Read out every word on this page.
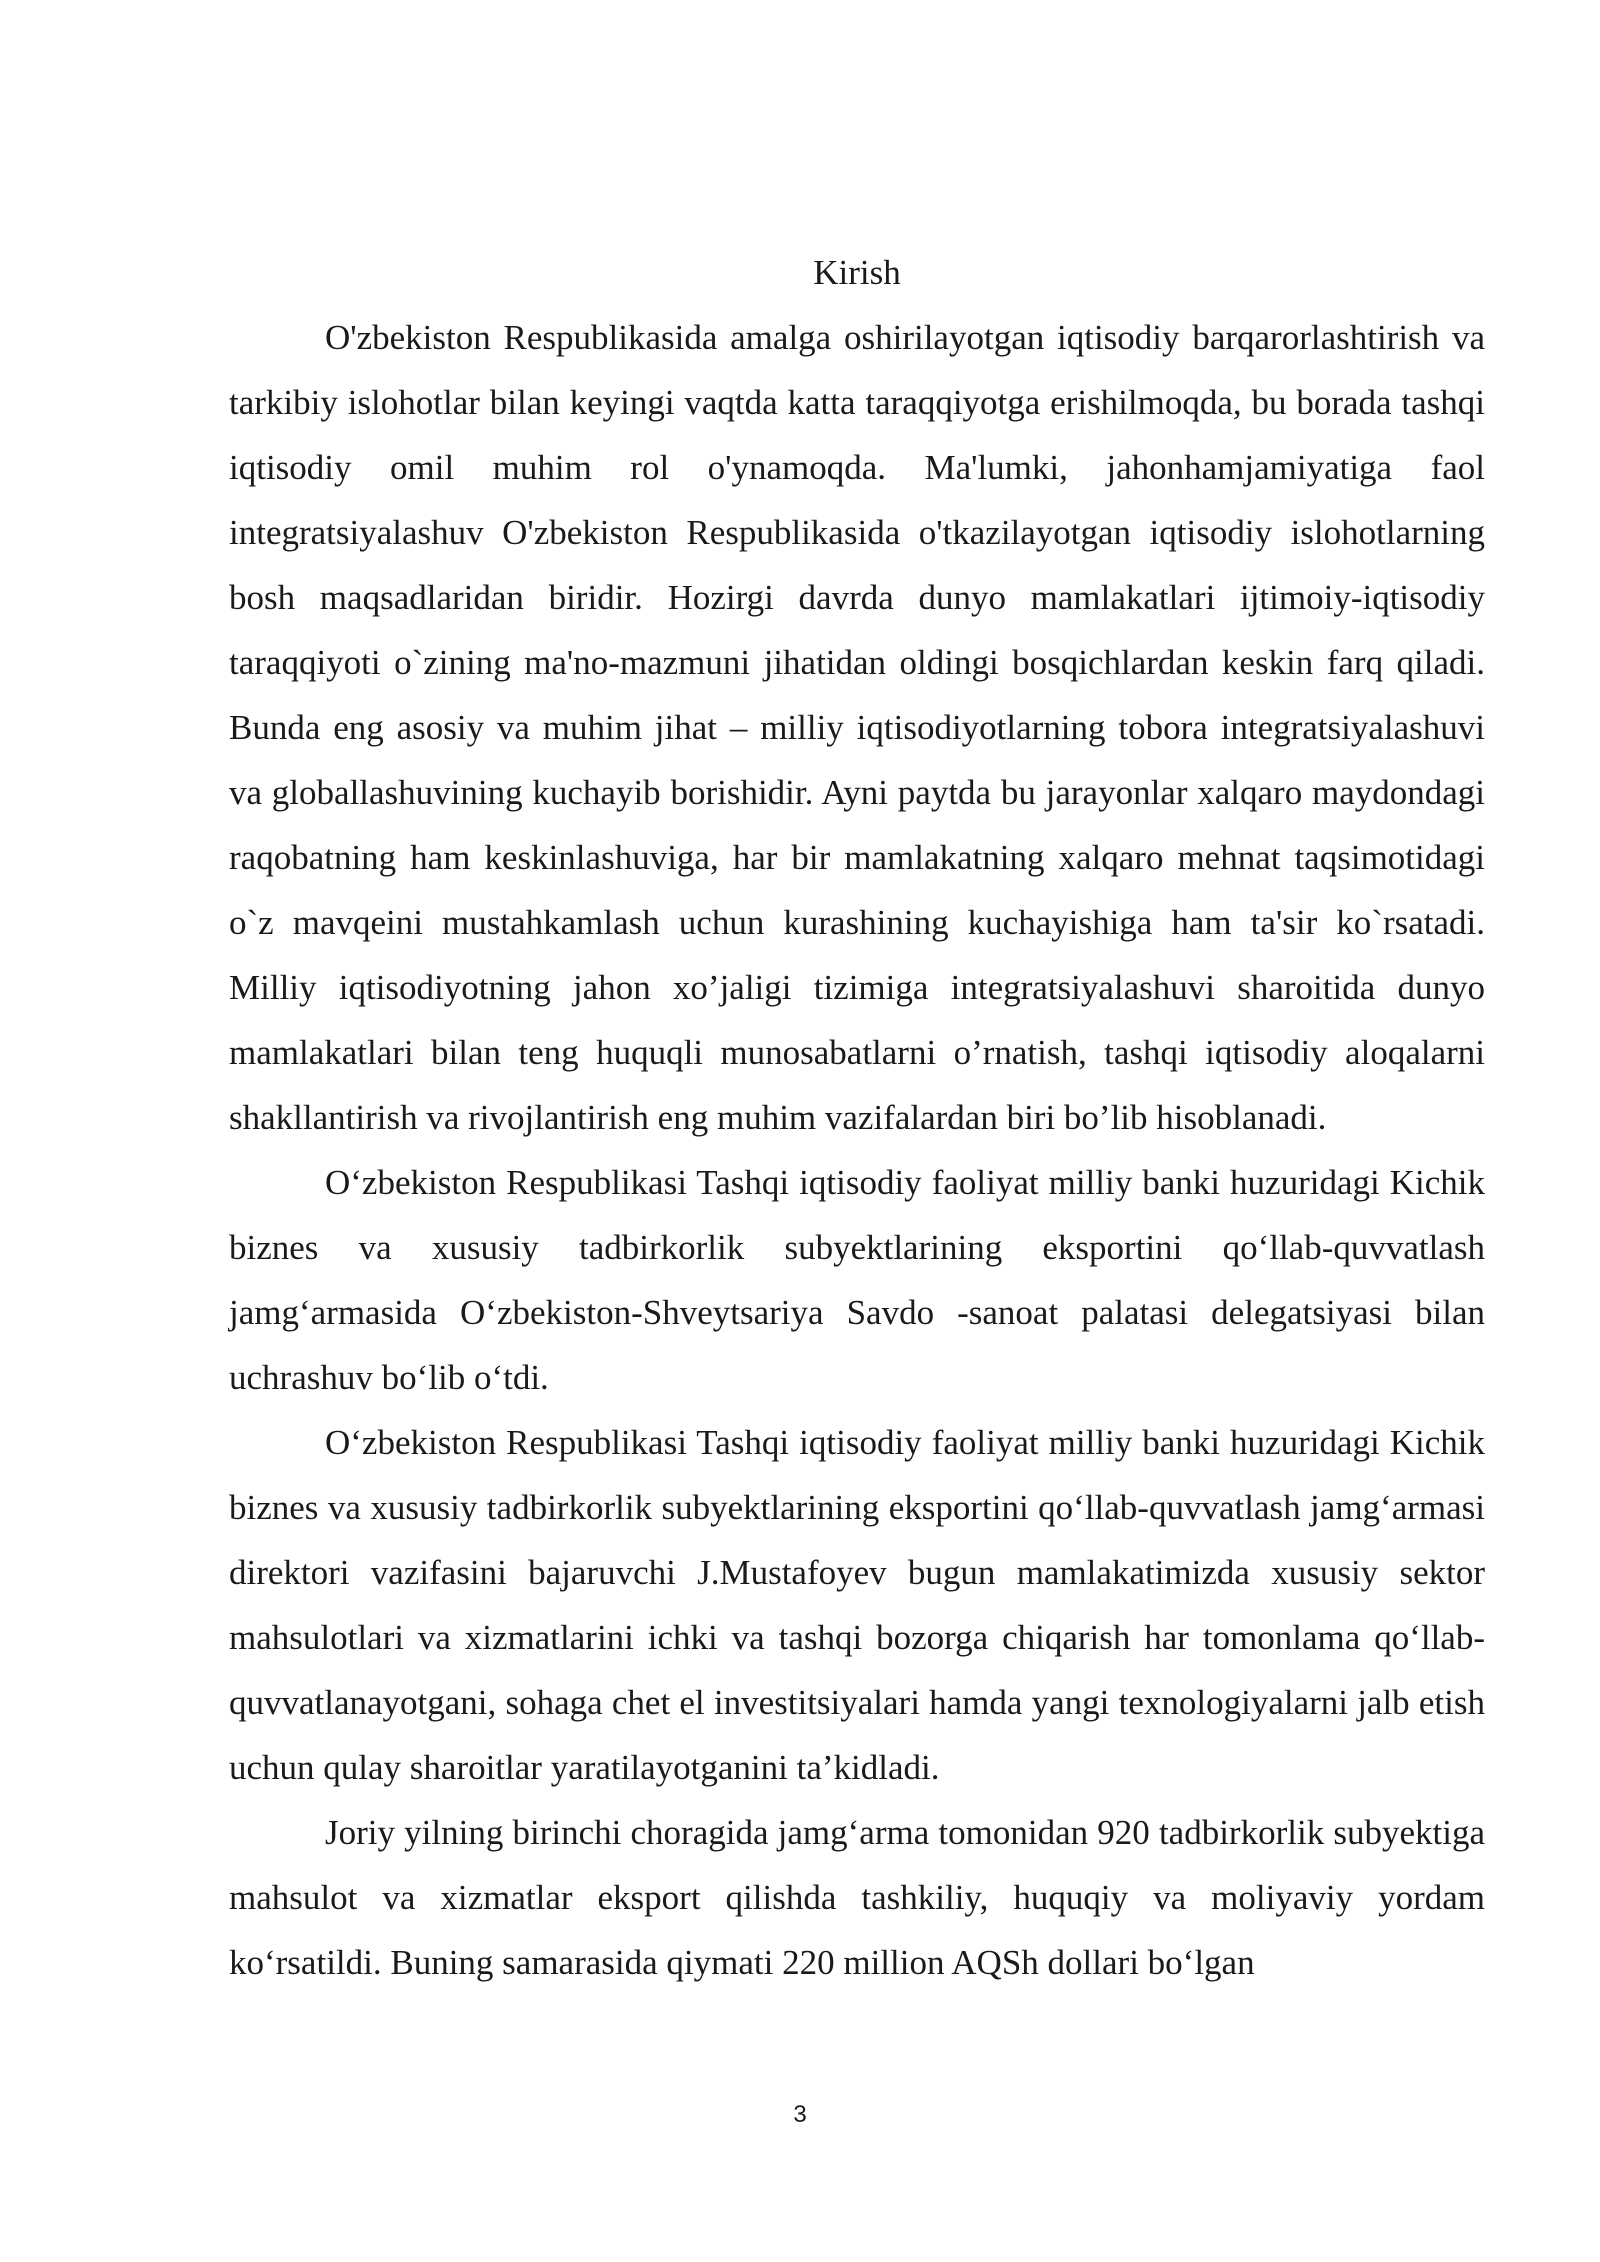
Kirish

O'zbekiston Respublikasida amalga oshirilayotgan iqtisodiy barqarorlashtirish va tarkibiy islohotlar bilan keyingi vaqtda katta taraqqiyotga erishilmoqda, bu borada tashqi iqtisodiy omil muhim rol o'ynamoqda. Ma'lumki, jahonhamjamiyatiga faol integratsiyalashuv O'zbekiston Respublikasida o'tkazilayotgan iqtisodiy islohotlarning bosh maqsadlaridan biridir. Hozirgi davrda dunyo mamlakatlari ijtimoiy-iqtisodiy taraqqiyoti o`zining ma'no-mazmuni jihatidan oldingi bosqichlardan keskin farq qiladi. Bunda eng asosiy va muhim jihat – milliy iqtisodiyotlarning tobora integratsiyalashuvi va globallashuvining kuchayib borishidir. Ayni paytda bu jarayonlar xalqaro maydondagi raqobatning ham keskinlashuviga, har bir mamlakatning xalqaro mehnat taqsimotidagi o`z mavqeini mustahkamlash uchun kurashining kuchayishiga ham ta'sir ko`rsatadi. Milliy iqtisodiyotning jahon xo’jaligi tizimiga integratsiyalashuvi sharoitida dunyo mamlakatlari bilan teng huquqli munosabatlarni o’rnatish, tashqi iqtisodiy aloqalarni shakllantirish va rivojlantirish eng muhim vazifalardan biri bo’lib hisoblanadi.

O‘zbekiston Respublikasi Tashqi iqtisodiy faoliyat milliy banki huzuridagi Kichik biznes va xususiy tadbirkorlik subyektlarining eksportini qo‘llab-quvvatlash jamg‘armasida O‘zbekiston-Shveytsariya Savdo -sanoat palatasi delegatsiyasi bilan uchrashuv bo‘lib o‘tdi.

O‘zbekiston Respublikasi Tashqi iqtisodiy faoliyat milliy banki huzuridagi Kichik biznes va xususiy tadbirkorlik subyektlarining eksportini qo‘llab-quvvatlash jamg‘armasi direktori vazifasini bajaruvchi J.Mustafoyev bugun mamlakatimizda xususiy sektor mahsulotlari va xizmatlarini ichki va tashqi bozorga chiqarish har tomonlama qo‘llab-quvvatlanayotgani, sohaga chet el investitsiyalari hamda yangi texnologiyalarni jalb etish uchun qulay sharoitlar yaratilayotganini ta’kidladi.

Joriy yilning birinchi choragida jamg‘arma tomonidan 920 tadbirkorlik subyektiga mahsulot va xizmatlar eksport qilishda tashkiliy, huquqiy va moliyaviy yordam ko‘rsatildi. Buning samarasida qiymati 220 million AQSh dollari bo‘lgan

3
